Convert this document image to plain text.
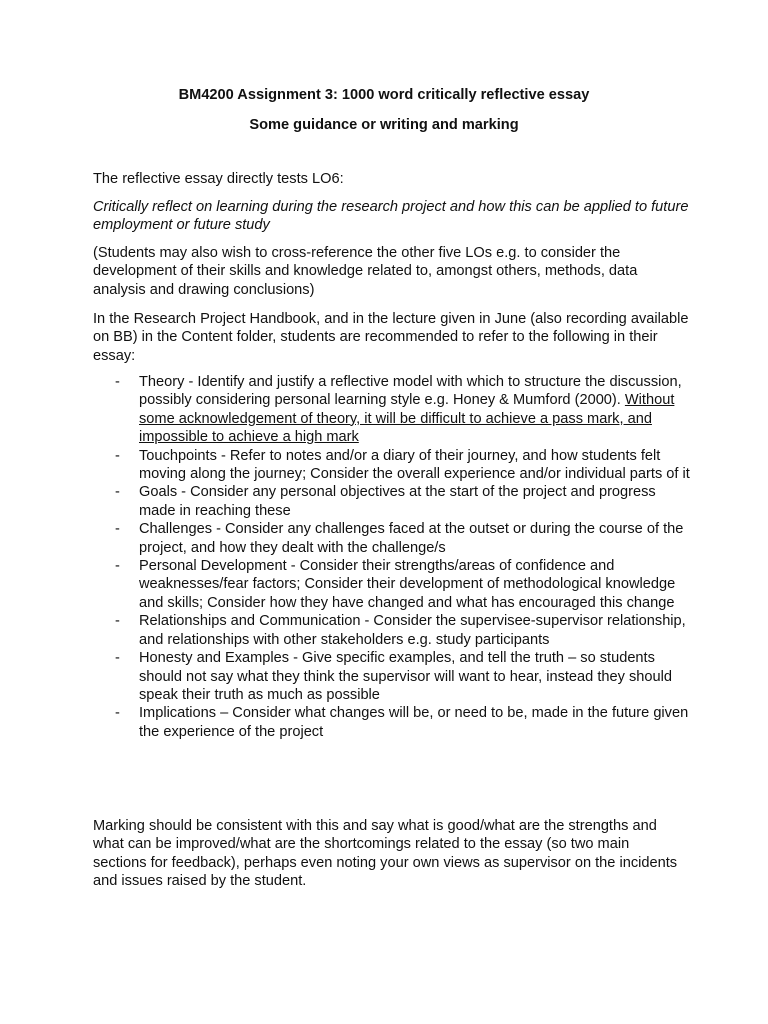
BM4200 Assignment 3: 1000 word critically reflective essay
Some guidance or writing and marking

The reflective essay directly tests LO6:

Critically reflect on learning during the research project and how this can be applied to future employment or future study

(Students may also wish to cross-reference the other five LOs e.g. to consider the development of their skills and knowledge related to, amongst others, methods, data analysis and drawing conclusions)

In the Research Project Handbook, and in the lecture given in June (also recording available on BB) in the Content folder, students are recommended to refer to the following in their essay:

- Theory - Identify and justify a reflective model with which to structure the discussion, possibly considering personal learning style e.g. Honey & Mumford (2000). Without some acknowledgement of theory, it will be difficult to achieve a pass mark, and impossible to achieve a high mark
- Touchpoints - Refer to notes and/or a diary of their journey, and how students felt moving along the journey; Consider the overall experience and/or individual parts of it
- Goals - Consider any personal objectives at the start of the project and progress made in reaching these
- Challenges - Consider any challenges faced at the outset or during the course of the project, and how they dealt with the challenge/s
- Personal Development - Consider their strengths/areas of confidence and weaknesses/fear factors; Consider their development of methodological knowledge and skills; Consider how they have changed and what has encouraged this change
- Relationships and Communication - Consider the supervisee-supervisor relationship, and relationships with other stakeholders e.g. study participants
- Honesty and Examples - Give specific examples, and tell the truth – so students should not say what they think the supervisor will want to hear, instead they should speak their truth as much as possible
- Implications – Consider what changes will be, or need to be, made in the future given the experience of the project

Marking should be consistent with this and say what is good/what are the strengths and what can be improved/what are the shortcomings related to the essay (so two main sections for feedback), perhaps even noting your own views as supervisor on the incidents and issues raised by the student.
